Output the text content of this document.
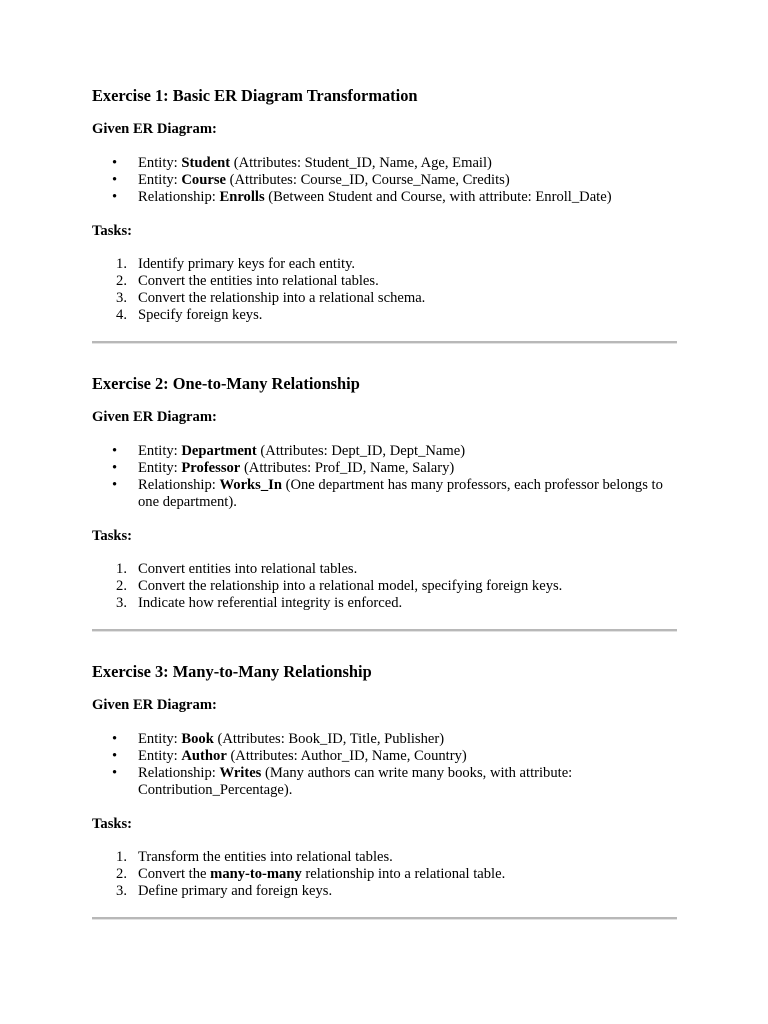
Exercise 1: Basic ER Diagram Transformation

Given ER Diagram:

•	Entity: Student (Attributes: Student_ID, Name, Age, Email)
•	Entity: Course (Attributes: Course_ID, Course_Name, Credits)
•	Relationship: Enrolls (Between Student and Course, with attribute: Enroll_Date)

Tasks:

1. Identify primary keys for each entity.
2. Convert the entities into relational tables.
3. Convert the relationship into a relational schema.
4. Specify foreign keys.
Exercise 2: One-to-Many Relationship

Given ER Diagram:

•	Entity: Department (Attributes: Dept_ID, Dept_Name)
•	Entity: Professor (Attributes: Prof_ID, Name, Salary)
•	Relationship: Works_In (One department has many professors, each professor belongs to one department).

Tasks:

1. Convert entities into relational tables.
2. Convert the relationship into a relational model, specifying foreign keys.
3. Indicate how referential integrity is enforced.
Exercise 3: Many-to-Many Relationship

Given ER Diagram:

•	Entity: Book (Attributes: Book_ID, Title, Publisher)
•	Entity: Author (Attributes: Author_ID, Name, Country)
•	Relationship: Writes (Many authors can write many books, with attribute: Contribution_Percentage).

Tasks:

1. Transform the entities into relational tables.
2. Convert the many-to-many relationship into a relational table.
3. Define primary and foreign keys.
